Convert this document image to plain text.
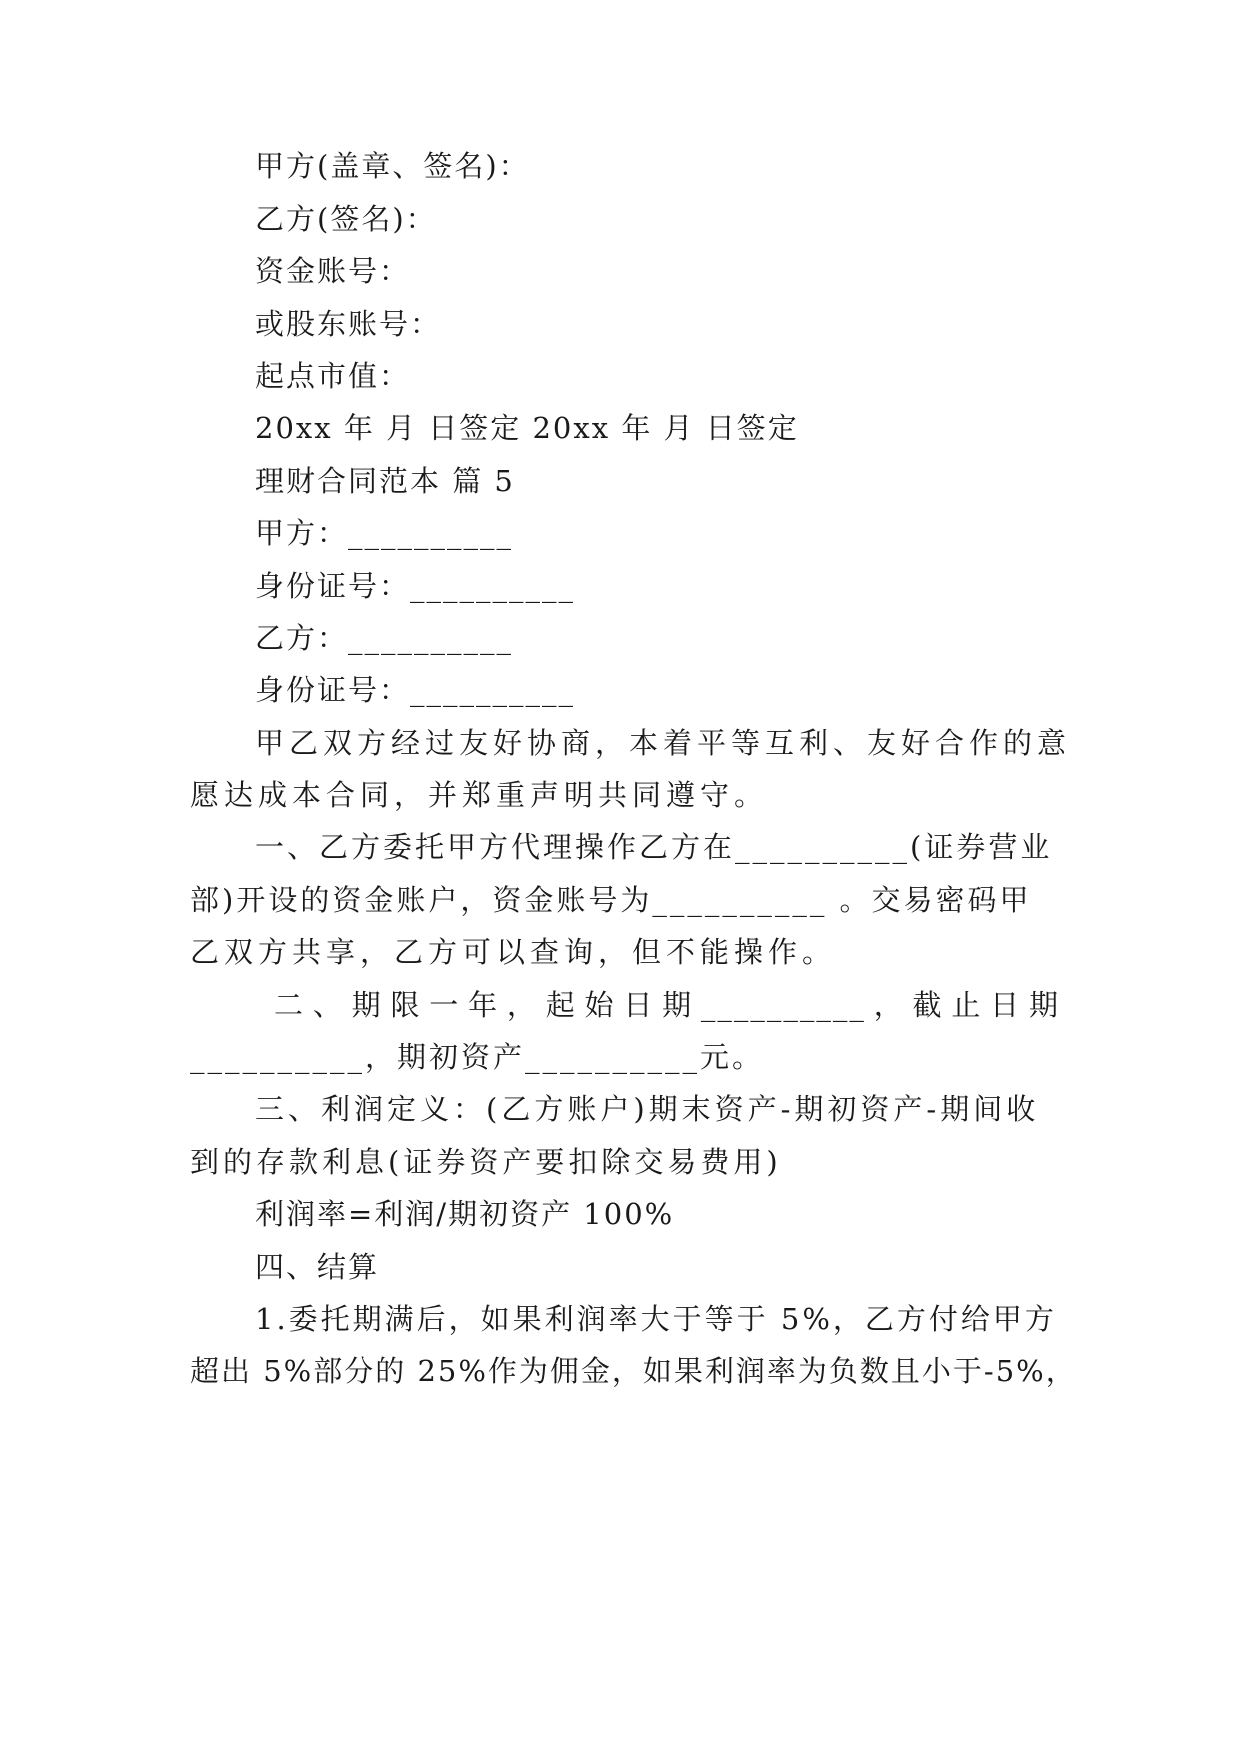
甲方(盖章、签名)：
乙方(签名)：
资金账号：
或股东账号：
起点市值：
20xx 年 月 日签定 20xx 年 月 日签定
理财合同范本 篇 5
甲方：__________
身份证号：__________
乙方：__________
身份证号：__________
甲乙双方经过友好协商，本着平等互利、友好合作的意
愿达成本合同，并郑重声明共同遵守。
一、乙方委托甲方代理操作乙方在__________(证券营业
部)开设的资金账户，资金账号为__________ 。交易密码甲
乙双方共享，乙方可以查询，但不能操作。
二、期限一年，起始日期__________，截止日期
__________，期初资产__________元。
三、利润定义：(乙方账户)期末资产-期初资产-期间收
到的存款利息(证券资产要扣除交易费用)
利润率=利润/期初资产 100%
四、结算
1.委托期满后，如果利润率大于等于 5%，乙方付给甲方
超出 5%部分的 25%作为佣金，如果利润率为负数且小于-5%，
